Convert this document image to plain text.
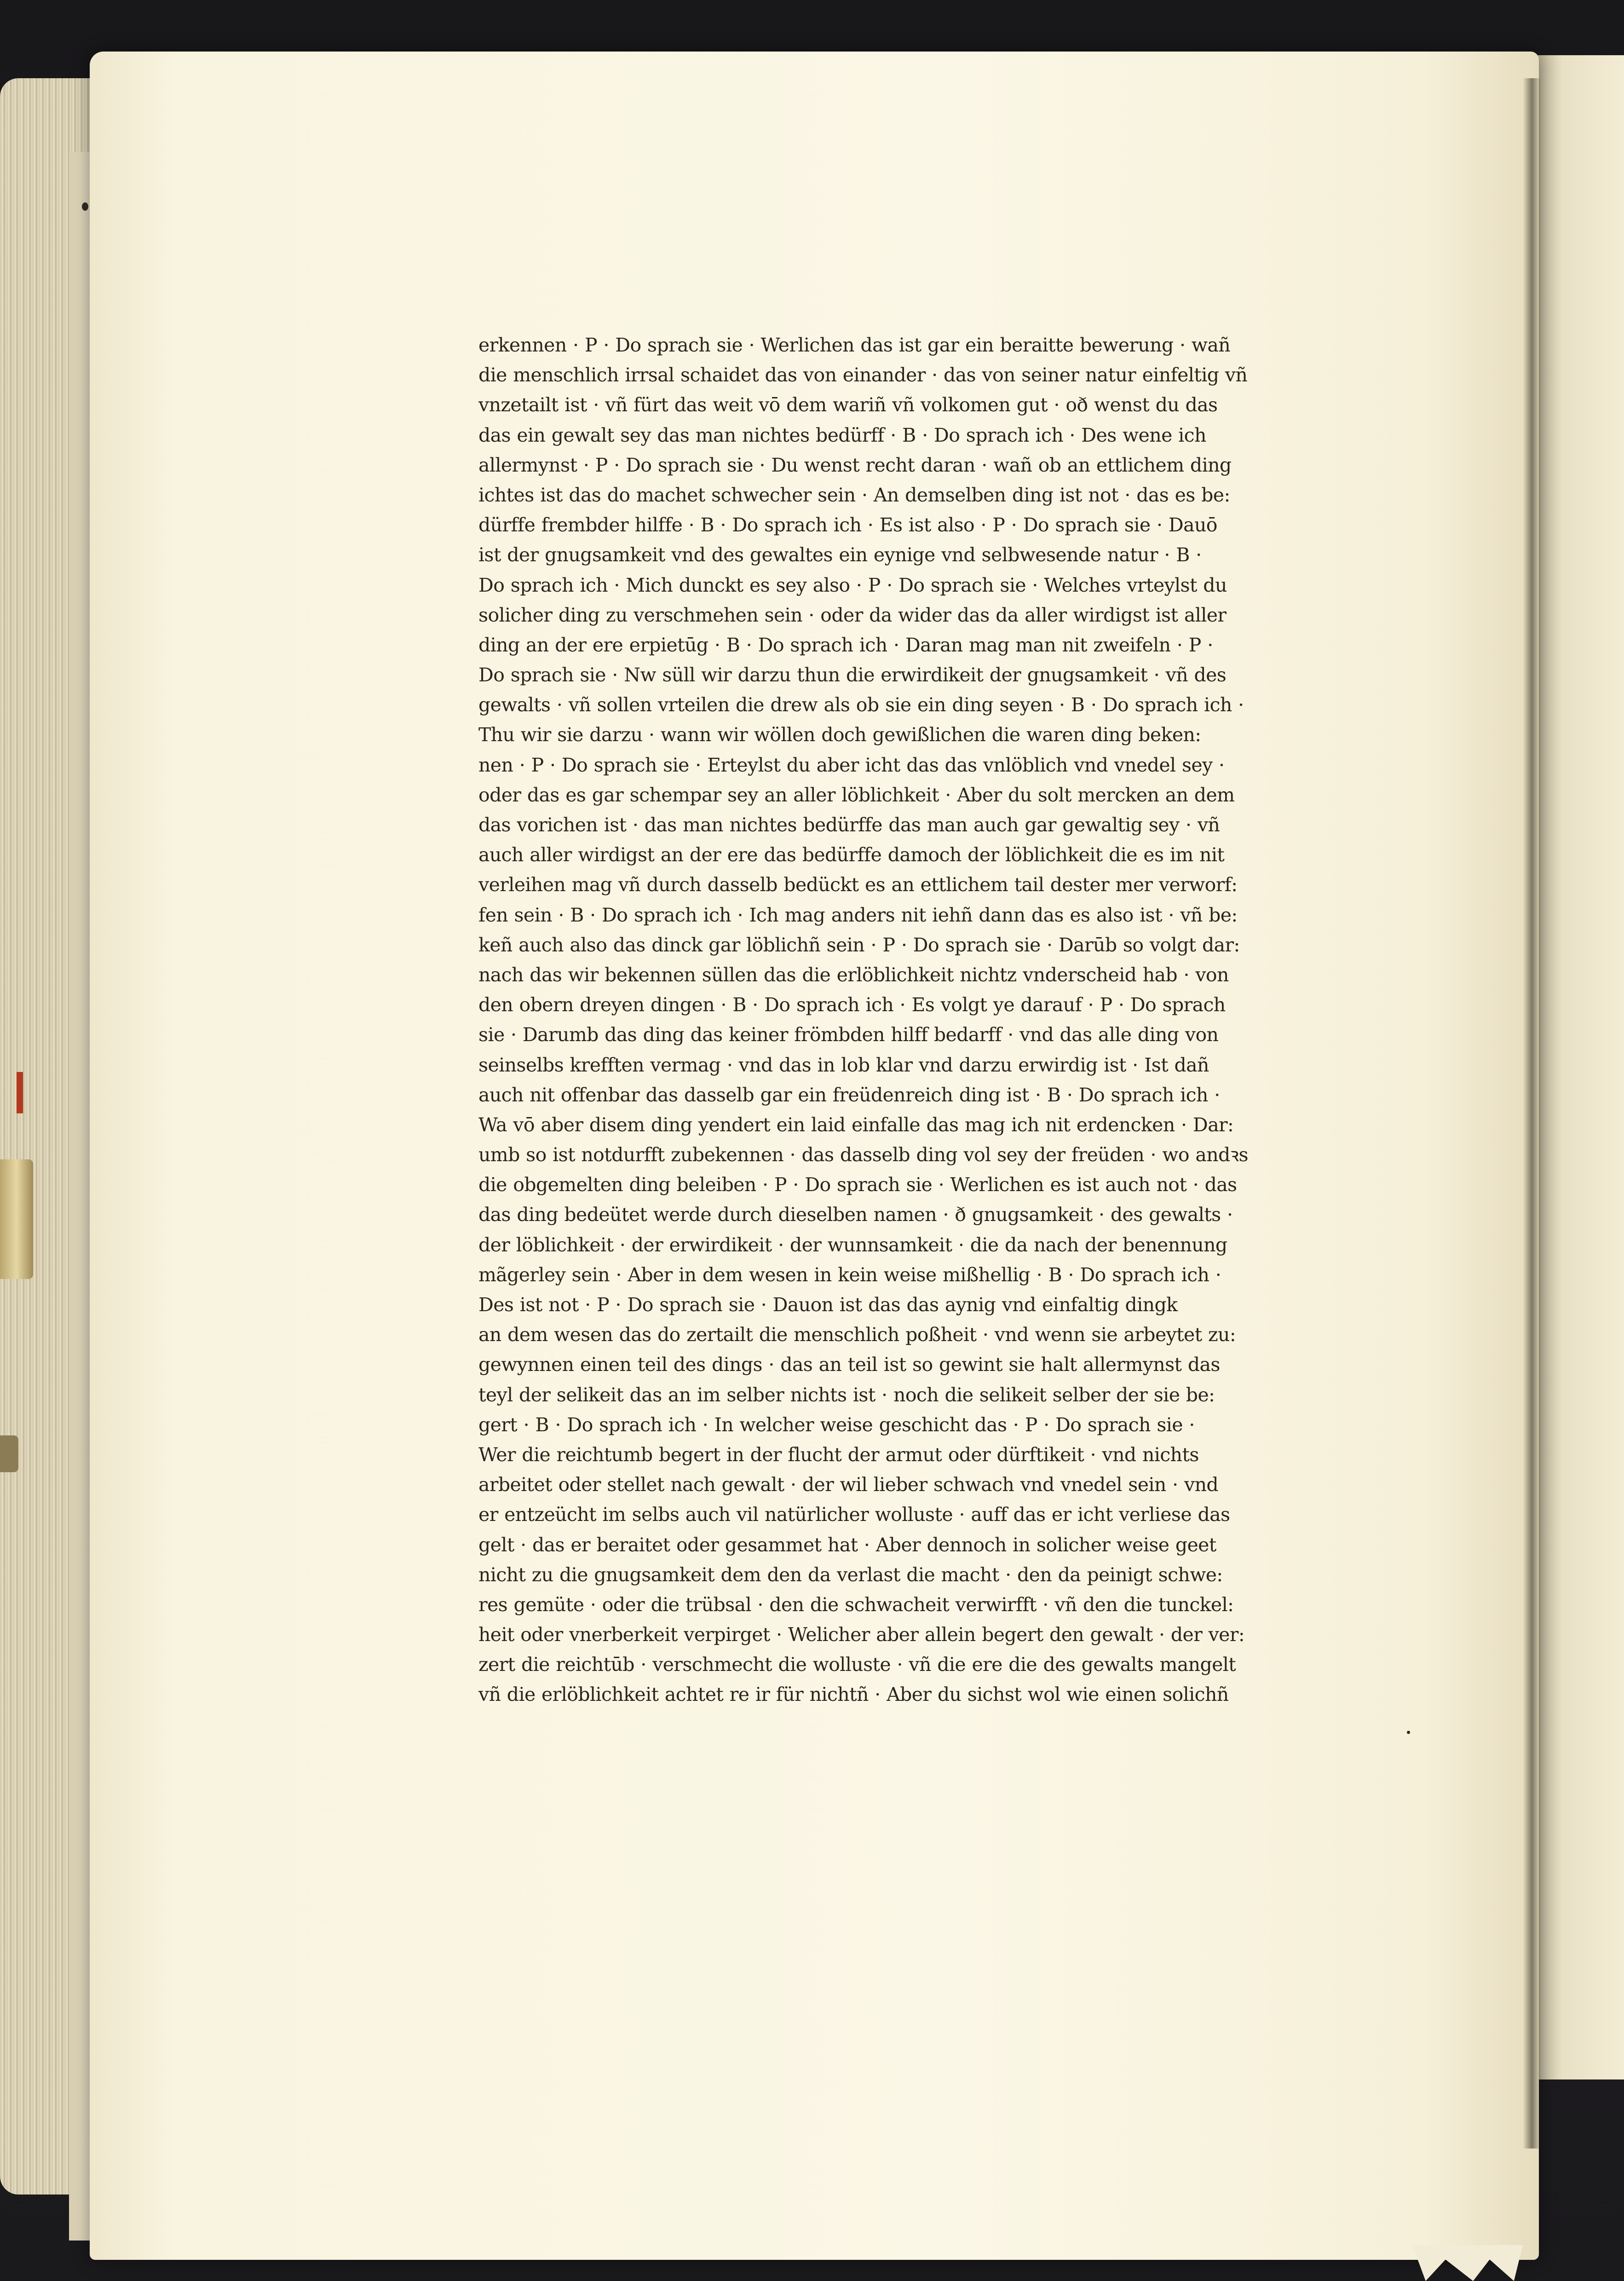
erkennen · P · Do sprach sie · Werlichen das ist gar ein beraitte bewerung · wañ
die menschlich irrsal schaidet das von einander · das von seiner natur einfeltig vñ
vnzetailt ist · vñ fürt das weit vō dem wariñ vñ volkomen gut · oð wenst du das
das ein gewalt sey das man nichtes bedürff · B · Do sprach ich · Des wene ich
allermynst · P · Do sprach sie · Du wenst recht daran · wañ ob an ettlichem ding
ichtes ist das do machet schwecher sein · An demselben ding ist not · das es be:
dürffe frembder hilffe · B · Do sprach ich · Es ist also · P · Do sprach sie · Dauō
ist der gnugsamkeit vnd des gewaltes ein eynige vnd selbwesende natur · B ·
Do sprach ich · Mich dunckt es sey also · P · Do sprach sie · Welches vrteylst du
solicher ding zu verschmehen sein · oder da wider das da aller wirdigst ist aller
ding an der ere erpietūg · B · Do sprach ich · Daran mag man nit zweifeln · P ·
Do sprach sie · Nw süll wir darzu thun die erwirdikeit der gnugsamkeit · vñ des
gewalts · vñ sollen vrteilen die drew als ob sie ein ding seyen · B · Do sprach ich ·
Thu wir sie darzu · wann wir wöllen doch gewißlichen die waren ding beken:
nen · P · Do sprach sie · Erteylst du aber icht das das vnlöblich vnd vnedel sey ·
oder das es gar schempar sey an aller löblichkeit · Aber du solt mercken an dem
das vorichen ist · das man nichtes bedürffe das man auch gar gewaltig sey · vñ
auch aller wirdigst an der ere das bedürffe damoch der löblichkeit die es im nit
verleihen mag vñ durch dasselb bedückt es an ettlichem tail dester mer verworf:
fen sein · B · Do sprach ich · Ich mag anders nit iehñ dann das es also ist · vñ be:
keñ auch also das dinck gar löblichñ sein · P · Do sprach sie · Darūb so volgt dar:
nach das wir bekennen süllen das die erlöblichkeit nichtz vnderscheid hab · von
den obern dreyen dingen · B · Do sprach ich · Es volgt ye darauf · P · Do sprach
sie · Darumb das ding das keiner frömbden hilff bedarff · vnd das alle ding von
seinselbs krefften vermag · vnd das in lob klar vnd darzu erwirdig ist · Ist dañ
auch nit offenbar das dasselb gar ein freüdenreich ding ist · B · Do sprach ich ·
Wa vō aber disem ding yendert ein laid einfalle das mag ich nit erdencken · Dar:
umb so ist notdurfft zubekennen · das dasselb ding vol sey der freüden · wo andꝛs
die obgemelten ding beleiben · P · Do sprach sie · Werlichen es ist auch not · das
das ding bedeütet werde durch dieselben namen · ð gnugsamkeit · des gewalts ·
der löblichkeit · der erwirdikeit · der wunnsamkeit · die da nach der benennung
mãgerley sein · Aber in dem wesen in kein weise mißhellig · B · Do sprach ich ·
Des ist not · P · Do sprach sie · Dauon ist das das aynig vnd einfaltig dingk
an dem wesen das do zertailt die menschlich poßheit · vnd wenn sie arbeytet zu:
gewynnen einen teil des dings · das an teil ist so gewint sie halt allermynst das
teyl der selikeit das an im selber nichts ist · noch die selikeit selber der sie be:
gert · B · Do sprach ich · In welcher weise geschicht das · P · Do sprach sie ·
Wer die reichtumb begert in der flucht der armut oder dürftikeit · vnd nichts
arbeitet oder stellet nach gewalt · der wil lieber schwach vnd vnedel sein · vnd
er entzeücht im selbs auch vil natürlicher wolluste · auff das er icht verliese das
gelt · das er beraitet oder gesammet hat · Aber dennoch in solicher weise geet
nicht zu die gnugsamkeit dem den da verlast die macht · den da peinigt schwe:
res gemüte · oder die trübsal · den die schwacheit verwirfft · vñ den die tunckel:
heit oder vnerberkeit verpirget · Welicher aber allein begert den gewalt · der ver:
zert die reichtūb · verschmecht die wolluste · vñ die ere die des gewalts mangelt
vñ die erlöblichkeit achtet re ir für nichtñ · Aber du sichst wol wie einen solichñ
